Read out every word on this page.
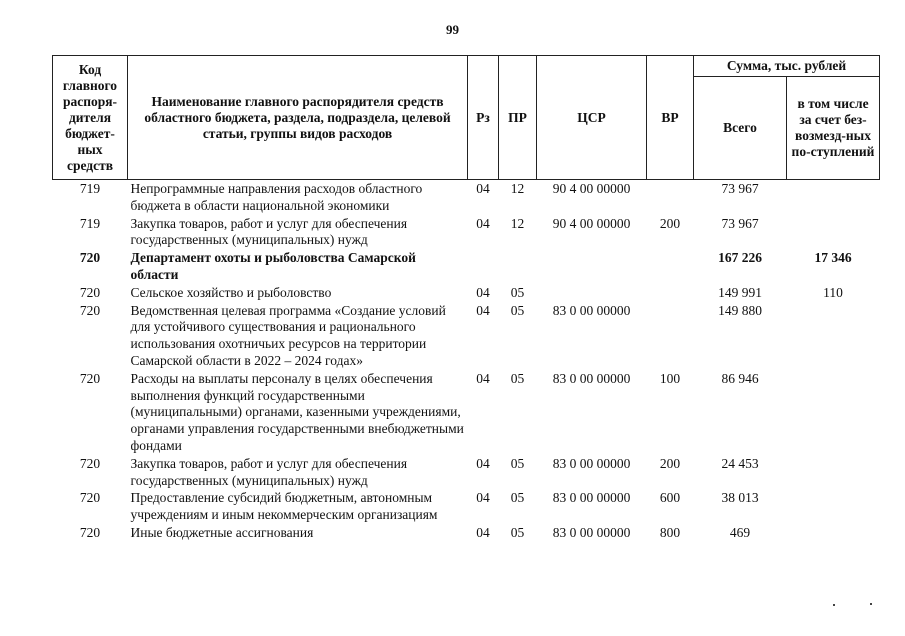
99
Код главного распоря-дителя бюджет-ных средств	Наименование главного распорядителя средств областного бюджета, раздела, подраздела, целевой статьи, группы видов расходов	Рз	ПР	ЦСР	ВР	Сумма, тыс. рублей	
						Всего	в том числе за счет без-возмезд-ных по-ступлений
719	Непрограммные направления расходов областного бюджета в области национальной экономики	04	12	90 4 00 00000		73 967	
719	Закупка товаров, работ и услуг для обеспечения государственных (муниципальных) нужд	04	12	90 4 00 00000	200	73 967	
720	Департамент охоты и рыболовства Самарской области					167 226	17 346
720	Сельское хозяйство и рыболовство	04	05			149 991	110
720	Ведомственная целевая программа «Создание условий для устойчивого существования и рационального использования охотничьих ресурсов на территории Самарской области в 2022 – 2024 годах»	04	05	83 0 00 00000		149 880	
720	Расходы на выплаты персоналу в целях обеспечения выполнения функций государственными (муниципальными) органами, казенными учреждениями, органами управления государственными внебюджетными фондами	04	05	83 0 00 00000	100	86 946	
720	Закупка товаров, работ и услуг для обеспечения государственных (муниципальных) нужд	04	05	83 0 00 00000	200	24 453	
720	Предоставление субсидий бюджетным, автономным учреждениям и иным некоммерческим организациям	04	05	83 0 00 00000	600	38 013	
720	Иные бюджетные ассигнования	04	05	83 0 00 00000	800	469	
